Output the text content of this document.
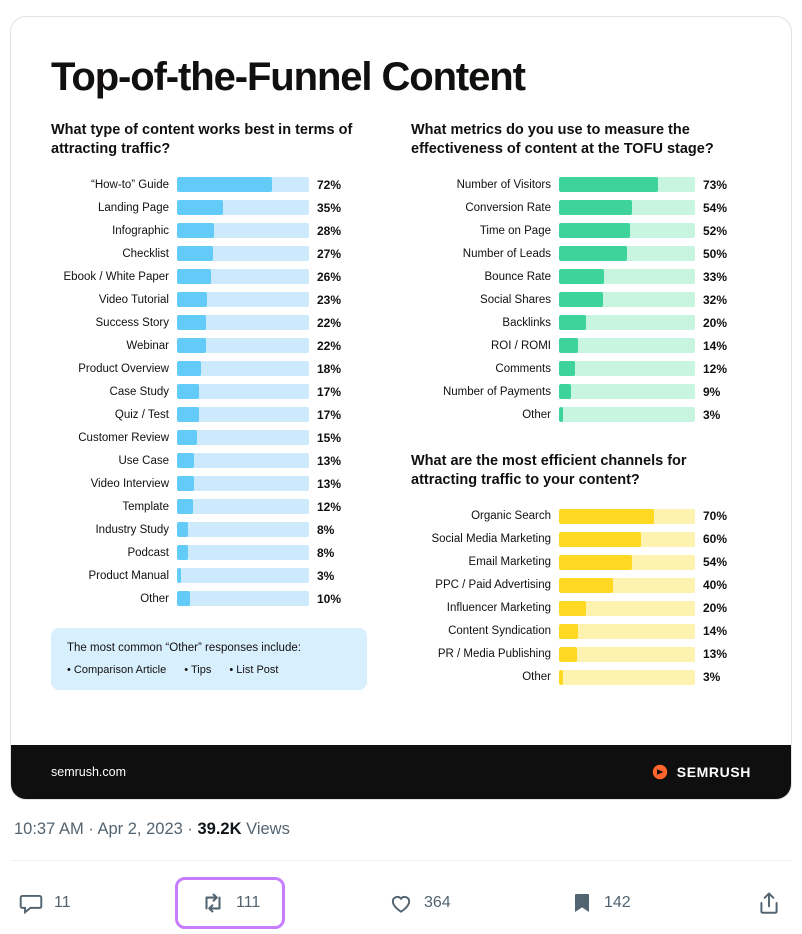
Top-of-the-Funnel Content
What type of content works best in terms of attracting traffic?
“How-to” Guide	72%
Landing Page	35%
Infographic	28%
Checklist	27%
Ebook / White Paper	26%
Video Tutorial	23%
Success Story	22%
Webinar	22%
Product Overview	18%
Case Study	17%
Quiz / Test	17%
Customer Review	15%
Use Case	13%
Video Interview	13%
Template	12%
Industry Study	8%
Podcast	8%
Product Manual	3%
Other	10%
The most common “Other” responses include:
• Comparison Article	• Tips	• List Post
What metrics do you use to measure the effectiveness of content at the TOFU stage?
Number of Visitors	73%
Conversion Rate	54%
Time on Page	52%
Number of Leads	50%
Bounce Rate	33%
Social Shares	32%
Backlinks	20%
ROI / ROMI	14%
Comments	12%
Number of Payments	9%
Other	3%
What are the most efficient channels for attracting traffic to your content?
Organic Search	70%
Social Media Marketing	60%
Email Marketing	54%
PPC / Paid Advertising	40%
Influencer Marketing	20%
Content Syndication	14%
PR / Media Publishing	13%
Other	3%
semrush.com	SEMRUSH
10:37 AM · Apr 2, 2023 · 39.2K Views
11	111	364	142
